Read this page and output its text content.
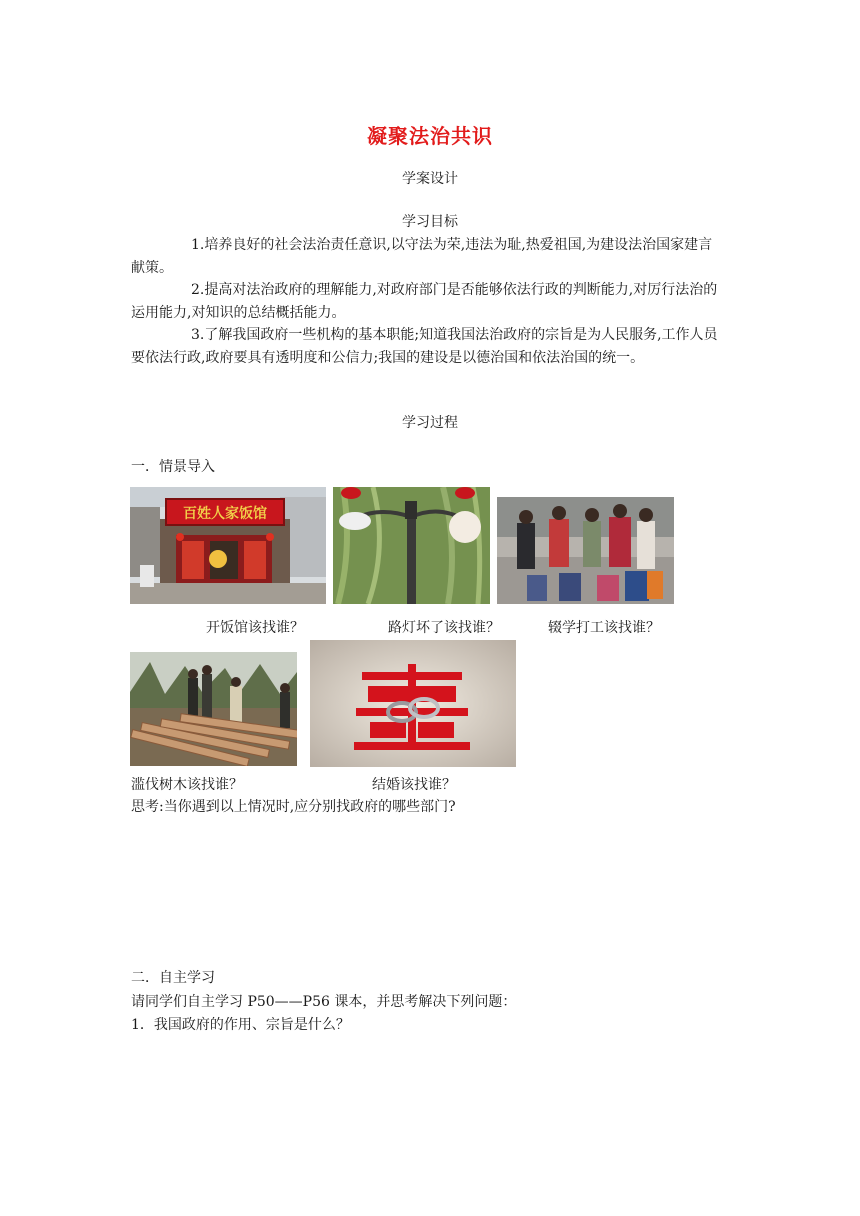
凝聚法治共识
学案设计
学习目标

1.培养良好的社会法治责任意识,以守法为荣,违法为耻,热爱祖国,为建设法治国家建言献策。

2.提高对法治政府的理解能力,对政府部门是否能够依法行政的判断能力,对厉行法治的运用能力,对知识的总结概括能力。

3.了解我国政府一些机构的基本职能;知道我国法治政府的宗旨是为人民服务,工作人员要依法行政,政府要具有透明度和公信力;我国的建设是以德治国和依法治国的统一。

学习过程
一．情景导入
百姓人家饭馆
开饭馆该找谁？	路灯坏了该找谁？	辍学打工该找谁？
滥伐树木该找谁？	结婚该找谁？
思考:当你遇到以上情况时,应分别找政府的哪些部门?
二．自主学习
请同学们自主学习 P50——P56 课本，并思考解决下列问题：
1．我国政府的作用、宗旨是什么？
